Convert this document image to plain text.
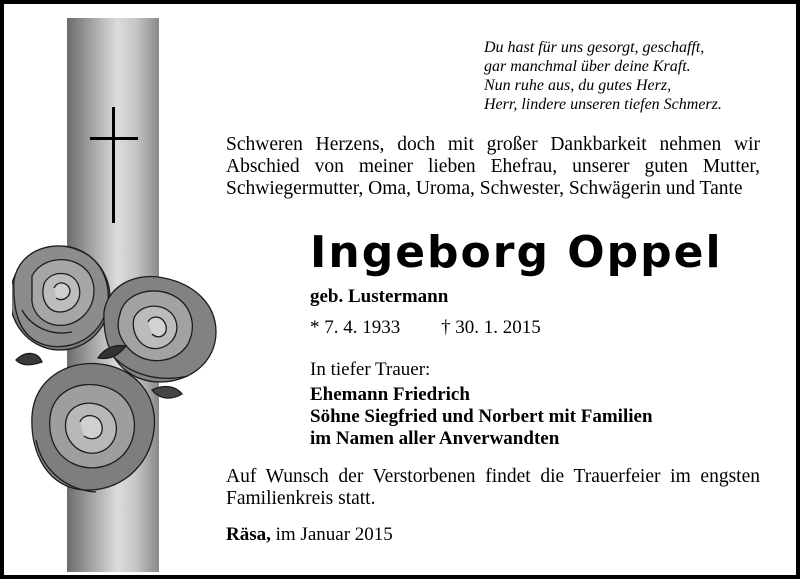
Du hast für uns gesorgt, geschafft,
gar manchmal über deine Kraft.
Nun ruhe aus, du gutes Herz,
Herr, lindere unseren tiefen Schmerz.
Schweren Herzens, doch mit großer Dankbarkeit nehmen wir Abschied von meiner lieben Ehefrau, unserer guten Mutter, Schwiegermutter, Oma, Uroma, Schwester, Schwägerin und Tante
Ingeborg Oppel
geb. Lustermann
* 7. 4. 1933 † 30. 1. 2015
In tiefer Trauer:
Ehemann Friedrich
Söhne Siegfried und Norbert mit Familien
im Namen aller Anverwandten
Auf Wunsch der Verstorbenen findet die Trauerfeier im engsten Familienkreis statt.
Räsa, im Januar 2015
